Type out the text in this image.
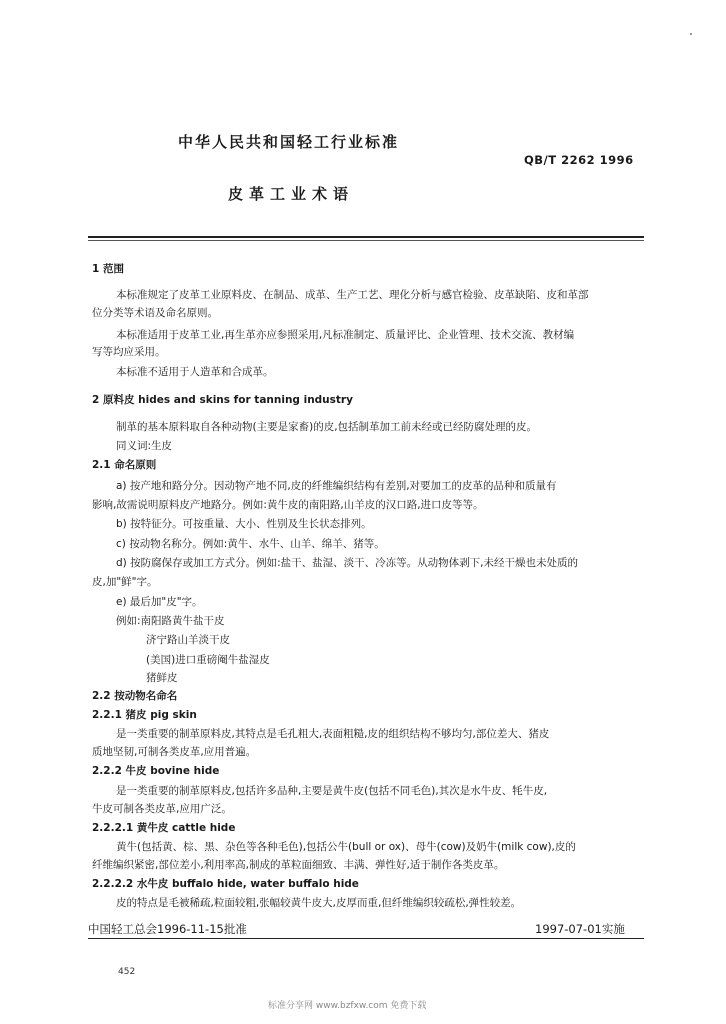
中华人民共和国轻工行业标准
QB/T 2262 1996
皮革工业术语
1 范围
本标准规定了皮革工业原料皮、在制品、成革、生产工艺、理化分析与感官检验、皮革缺陷、皮和革部
位分类等术语及命名原则。
本标准适用于皮革工业,再生革亦应参照采用,凡标准制定、质量评比、企业管理、技术交流、教材编
写等均应采用。
本标准不适用于人造革和合成革。
2 原料皮 hides and skins for tanning industry
制革的基本原料取自各种动物(主要是家畜)的皮,包括制革加工前未经或已经防腐处理的皮。
同义词:生皮
2.1 命名原则
a) 按产地和路分分。因动物产地不同,皮的纤维编织结构有差别,对要加工的皮革的品种和质量有
影响,故需说明原料皮产地路分。例如:黄牛皮的南阳路,山羊皮的汉口路,进口皮等等。
b) 按特征分。可按重量、大小、性别及生长状态排列。
c) 按动物名称分。例如:黄牛、水牛、山羊、绵羊、猪等。
d) 按防腐保存或加工方式分。例如:盐干、盐湿、淡干、冷冻等。从动物体剥下,未经干燥也未处质的
皮,加"鲜"字。
e) 最后加"皮"字。
例如:南阳路黄牛盐干皮
济宁路山羊淡干皮
(美国)进口重磅阉牛盐湿皮
猪鲜皮
2.2 按动物名命名
2.2.1 猪皮 pig skin
是一类重要的制革原料皮,其特点是毛孔粗大,表面粗糙,皮的组织结构不够均匀,部位差大、猪皮
质地坚韧,可制各类皮革,应用普遍。
2.2.2 牛皮 bovine hide
是一类重要的制革原料皮,包括许多品种,主要是黄牛皮(包括不同毛色),其次是水牛皮、牦牛皮,
牛皮可制各类皮革,应用广泛。
2.2.2.1 黄牛皮 cattle hide
黄牛(包括黄、棕、黑、杂色等各种毛色),包括公牛(bull or ox)、母牛(cow)及奶牛(milk cow),皮的
纤维编织紧密,部位差小,利用率高,制成的革粒面细致、丰满、弹性好,适于制作各类皮革。
2.2.2.2 水牛皮 buffalo hide, water buffalo hide
皮的特点是毛被稀疏,粒面较粗,张幅较黄牛皮大,皮厚而重,但纤维编织较疏松,弹性较差。
中国轻工总会1996-11-15批准	1997-07-01实施
452
标准分享网 www.bzfxw.com 免费下载
